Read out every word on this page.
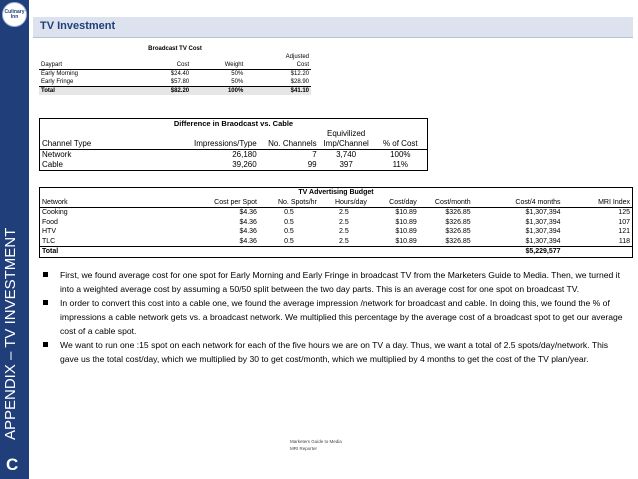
Culinary Inn
APPENDIX – TV INVESTMENT
C
TV Investment
Broadcast TV Cost			
			Adjusted
Daypart	Cost	Weight	Cost
Early Morning	$24.40	50%	$12.20
Early Fringe	$57.80	50%	$28.90
Total	$82.20	100%	$41.10
Difference in Braodcast vs. Cable				
			Equivilized	
Channel Type	Impressions/Type	No. Channels	Imp/Channel	% of Cost
Network	26,180	7	3,740	100%
Cable	39,260	99	397	11%
TV Advertising Budget							
Network	Cost per Spot	No. Spots/hr	Hours/day	Cost/day	Cost/month	Cost/4 months	MRI Index
Cooking	$4.36	0.5	2.5	$10.89	$326.85	$1,307,394	125
Food	$4.36	0.5	2.5	$10.89	$326.85	$1,307,394	107
HTV	$4.36	0.5	2.5	$10.89	$326.85	$1,307,394	121
TLC	$4.36	0.5	2.5	$10.89	$326.85	$1,307,394	118
Total						$5,229,577	

First, we found average cost for one spot for Early Morning and Early Fringe in broadcast TV from the Marketers Guide to Media. Then, we turned it into a weighted average cost by assuming a 50/50 split between the two day parts. This is an average cost for one spot on broadcast TV.

In order to convert this cost into a cable one, we found the average impression /network for broadcast and cable. In doing this, we found the % of impressions a cable network gets vs. a broadcast network. We multiplied this percentage by the average cost of a broadcast spot to get our average cost of a cable spot.

We want to run one :15 spot on each network for each of the five hours we are on TV a day. Thus, we want a total of 2.5 spots/day/network. This gave us the total cost/day, which we multiplied by 30 to get cost/month, which we multiplied by 4 months to get the cost of the TV plan/year.

Marketers Guide to Media
MRI Reporter
